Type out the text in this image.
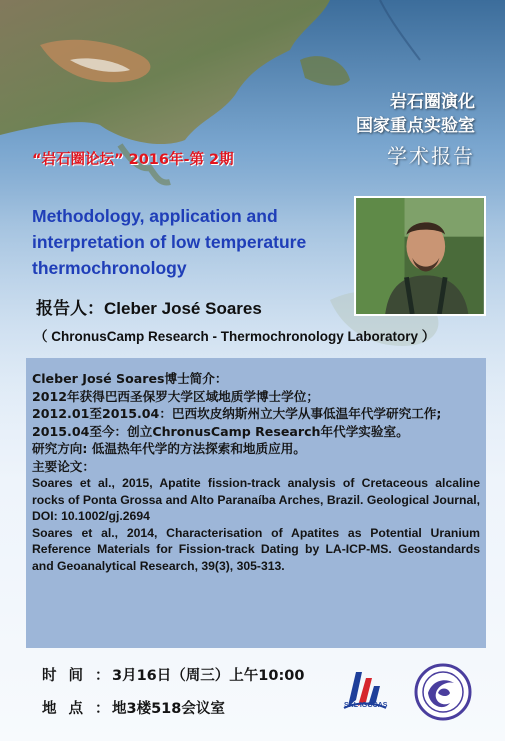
岩石圈演化
国家重点实验室
学术报告
“岩石圈论坛” 2016年-第 2期
Methodology, application and interpretation of low temperature thermochronology
报告人：Cleber José Soares
（ ChronusCamp Research - Thermochronology Laboratory ）
Cleber José Soares博士简介：
2012年获得巴西圣保罗大学区域地质学博士学位；
2012.01至2015.04：巴西坎皮纳斯州立大学从事低温年代学研究工作;
2015.04至今：创立ChronusCamp Research年代学实验室。
研究方向: 低温热年代学的方法探索和地质应用。
主要论文：
Soares et al., 2015, Apatite fission-track analysis of Cretaceous alcaline rocks of Ponta Grossa and Alto Paranaíba Arches, Brazil. Geological Journal, DOI: 10.1002/gj.2694
Soares et al., 2014, Characterisation of Apatites as Potential Uranium Reference Materials for Fission-track Dating by LA-ICP-MS. Geostandards and Geoanalytical Research, 39(3), 305-313.
时间：3月16日（周三）上午10:00
地点：地3楼518会议室	SKL IGGCAS
